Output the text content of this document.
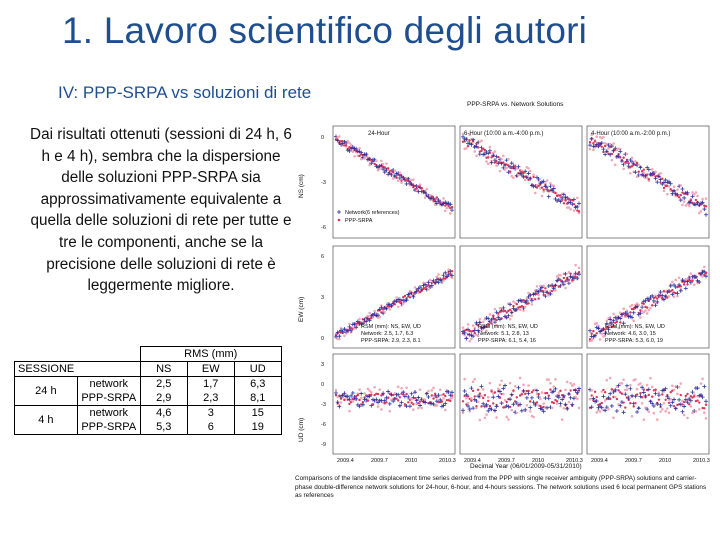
1. Lavoro scientifico degli autori
IV: PPP-SRPA vs soluzioni di rete
Dai risultati ottenuti (sessioni di 24 h, 6 h e 4 h), sembra che la dispersione delle soluzioni PPP-SRPA sia approssimativamente equivalente a quella delle soluzioni di rete per tutte e tre le componenti, anche se la precisione delle soluzioni di rete è leggermente migliore.
		RMS (mm)		
SESSIONE		NS	EW	UD
24 h	network	2,5	1,7	6,3
	PPP-SRPA	2,9	2,3	8,1
4 h	network	4,6	3	15
	PPP-SRPA	5,3	6	19
PPP-SRPA vs. Network Solutions
NS (cm)
EW (cm)
UD (cm)
24-Hour	6-Hour (10:00 a.m.-4:00 p.m.)	4-Hour (10:00 a.m.-2:00 p.m.)
RSM (mm): NS, EW, UD
Network: 2.5, 1.7, 6.3
PPP-SRPA: 2.9, 2.3, 8.1
RSM (mm): NS, EW, UD
Network: 5.1, 2.8, 13
PPP-SRPA: 6.1, 5.4, 16
RSM (mm): NS, EW, UD
Network: 4.6, 3.0, 15
PPP-SRPA: 5.3, 6.0, 19
Network(6 references)
PPP-SRPA
0
-3
-6
6
3
0
3
0
-3
-6
-9
2009.4	2009.7	2010	2010.3 2009.4	2009.7	2010	2010.3 2009.4	2009.7	2010	2010.3
Decimal Year (06/01/2009-05/31/2010)
Comparisons of the landslide displacement time series derived from the PPP with single receiver ambiguity (PPP-SRPA) solutions and carrier-phase double-difference network solutions for 24-hour, 6-hour, and 4-hours sessions. The network solutions used 6 local permanent GPS stations as references
